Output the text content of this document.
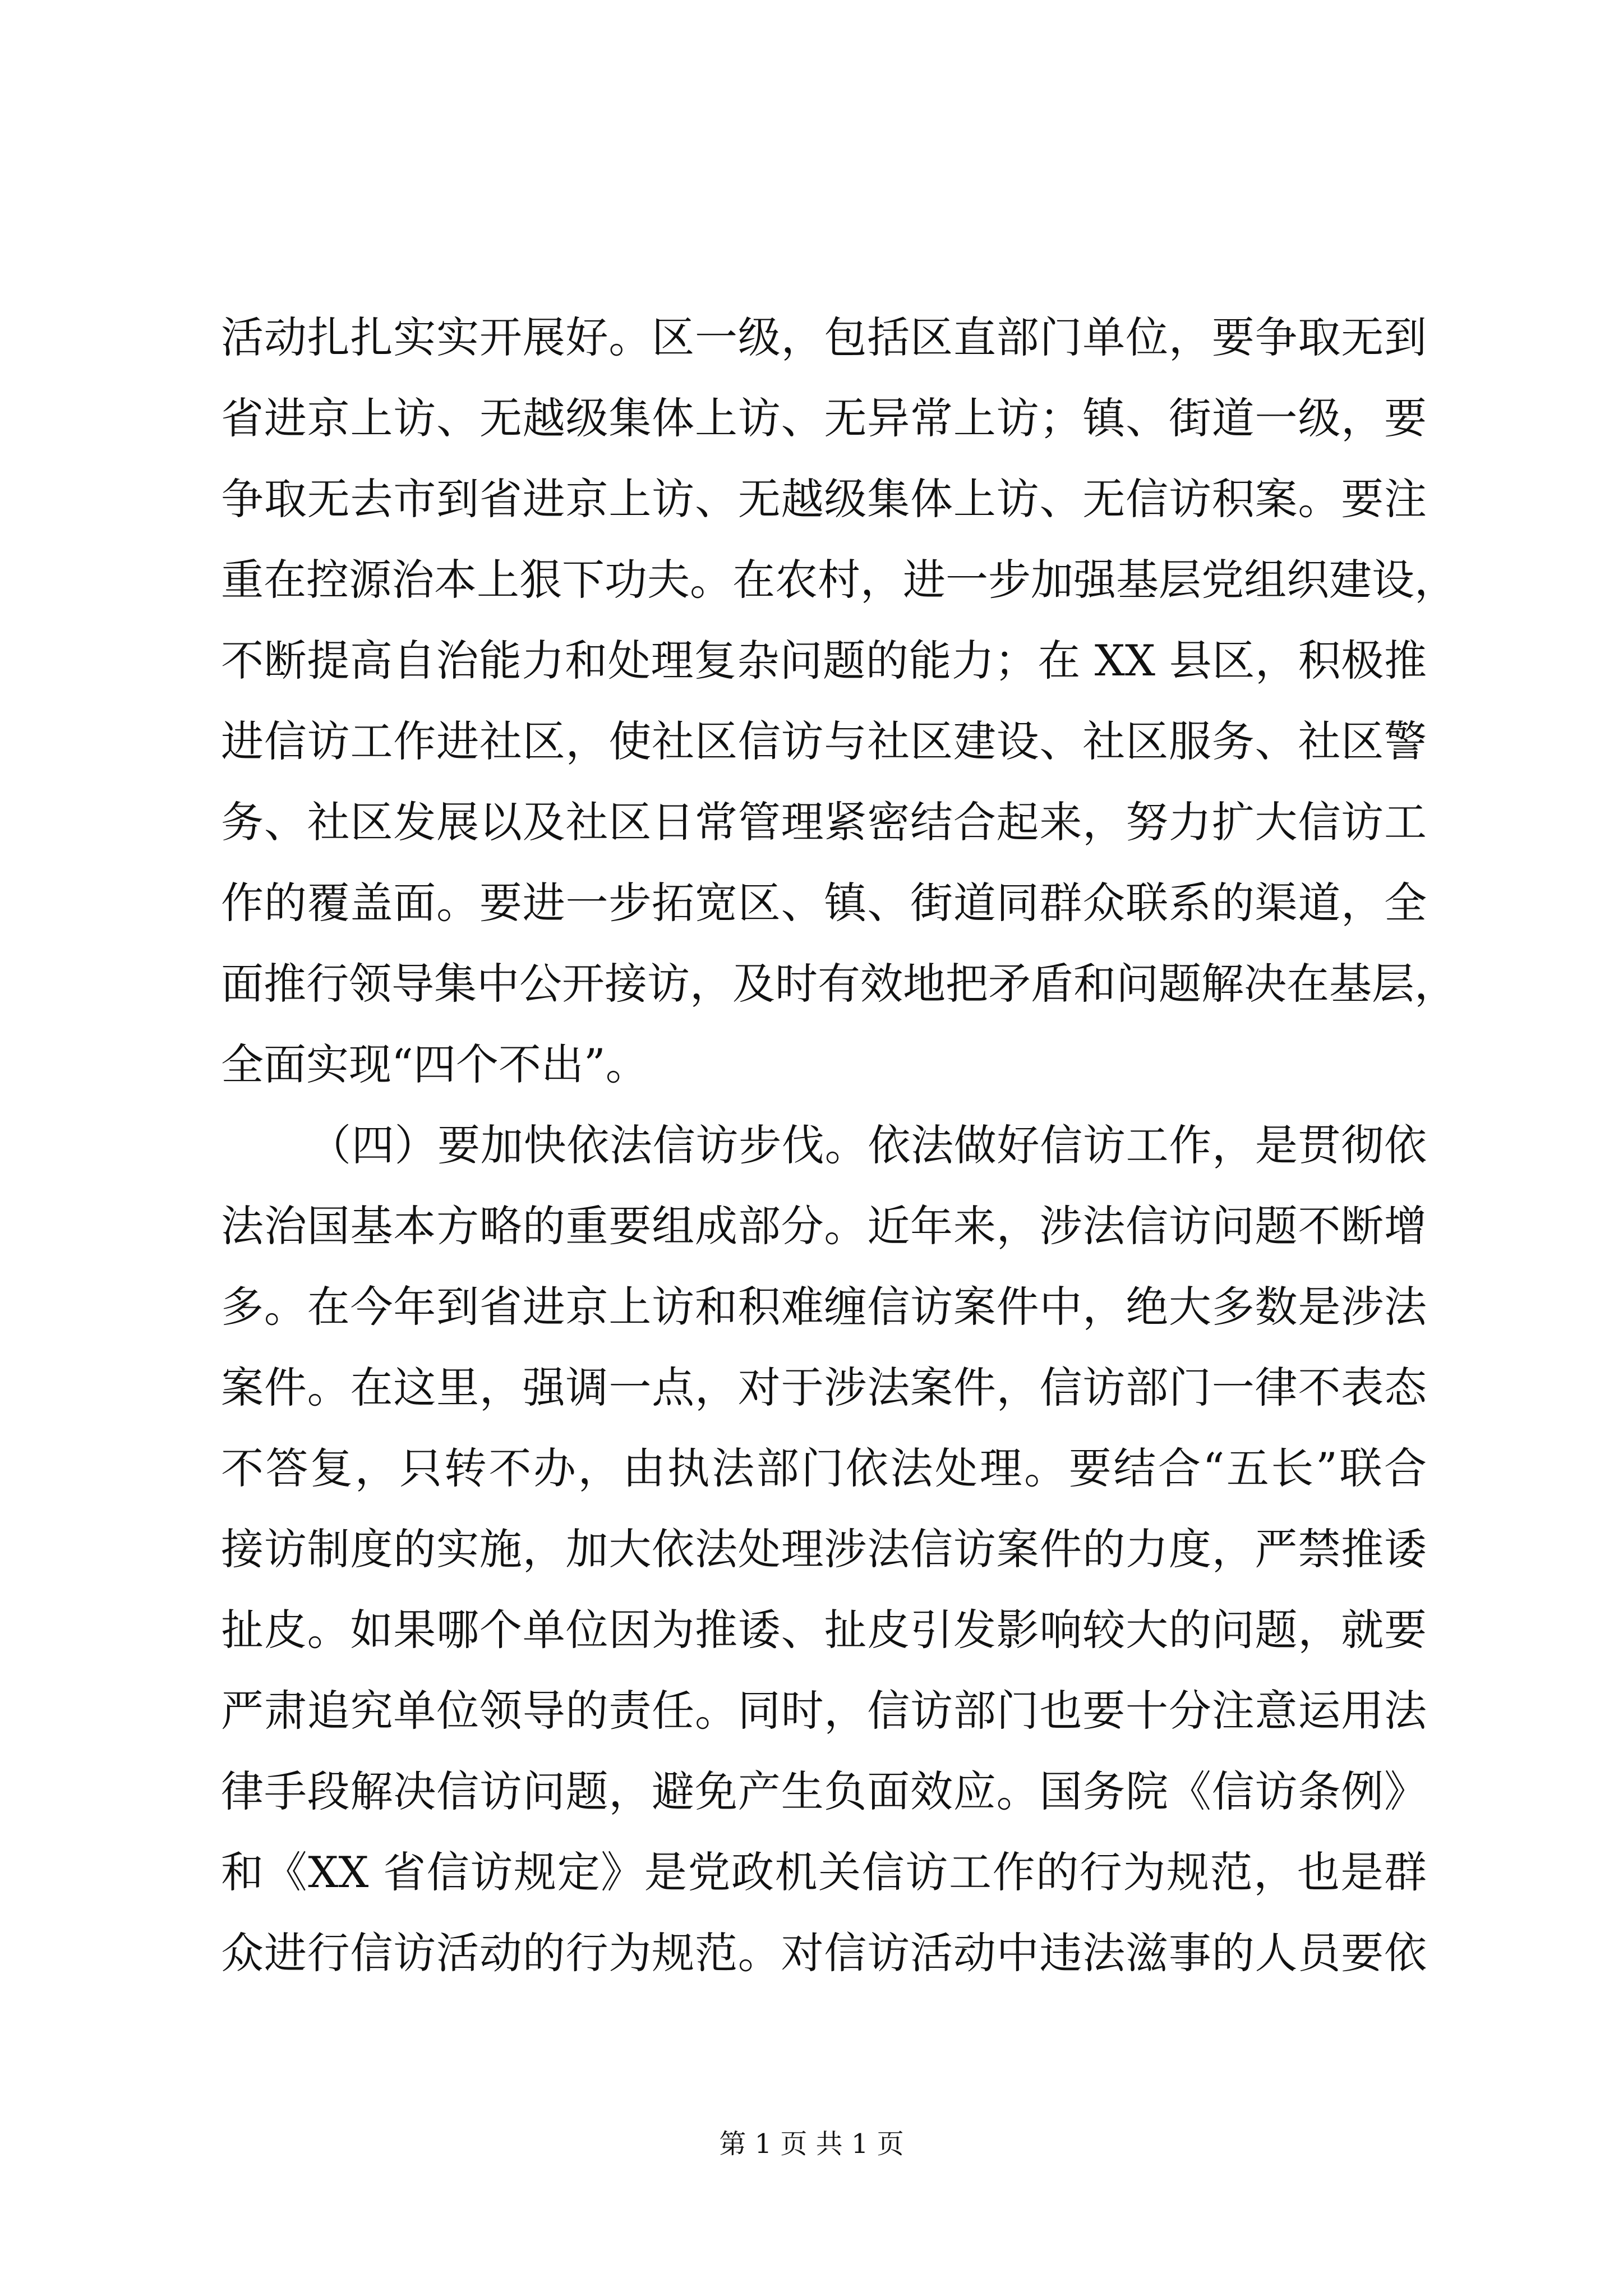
活动扎扎实实开展好。区一级，包括区直部门单位，要争取无到
省进京上访、无越级集体上访、无异常上访；镇、街道一级，要
争取无去市到省进京上访、无越级集体上访、无信访积案。要注
重在控源治本上狠下功夫。在农村，进一步加强基层党组织建设，
不断提高自治能力和处理复杂问题的能力；在 XX 县区，积极推
进信访工作进社区，使社区信访与社区建设、社区服务、社区警
务、社区发展以及社区日常管理紧密结合起来，努力扩大信访工
作的覆盖面。要进一步拓宽区、镇、街道同群众联系的渠道，全
面推行领导集中公开接访，及时有效地把矛盾和问题解决在基层，
全面实现“四个不出”。
（四）要加快依法信访步伐。依法做好信访工作，是贯彻依
法治国基本方略的重要组成部分。近年来，涉法信访问题不断增
多。在今年到省进京上访和积难缠信访案件中，绝大多数是涉法
案件。在这里，强调一点，对于涉法案件，信访部门一律不表态
不答复，只转不办，由执法部门依法处理。要结合“五长”联合
接访制度的实施，加大依法处理涉法信访案件的力度，严禁推诿
扯皮。如果哪个单位因为推诿、扯皮引发影响较大的问题，就要
严肃追究单位领导的责任。同时，信访部门也要十分注意运用法
律手段解决信访问题，避免产生负面效应。国务院《信访条例》
和《XX 省信访规定》是党政机关信访工作的行为规范，也是群
众进行信访活动的行为规范。对信访活动中违法滋事的人员要依
第 1 页 共 1 页
